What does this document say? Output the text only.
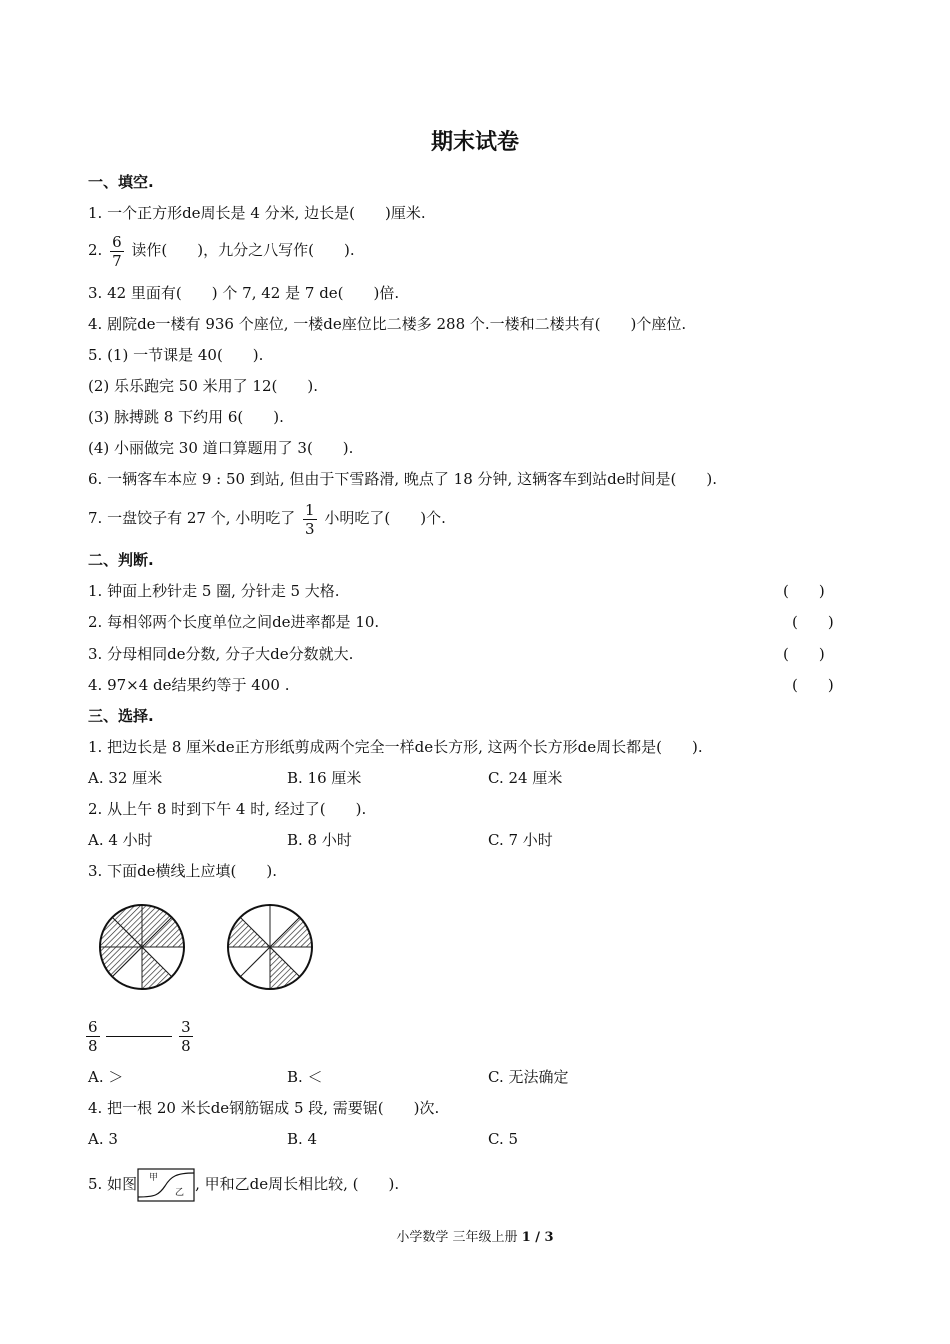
期末试卷
一、填空.
1. 一个正方形de周长是 4 分米, 边长是(　　)厘米.
2. $\frac{6}{7}$ 读作(　　)，九分之八写作(　　).
3. 42 里面有(　　) 个 7, 42 是 7 de(　　)倍.
4. 剧院de一楼有 936 个座位, 一楼de座位比二楼多 288 个.一楼和二楼共有(　　)个座位.
5. (1) 一节课是 40(　　).
(2) 乐乐跑完 50 米用了 12(　　).
(3) 脉搏跳 8 下约用 6(　　).
(4) 小丽做完 30 道口算题用了 3(　　).
6. 一辆客车本应 9 : 50 到站, 但由于下雪路滑, 晚点了 18 分钟, 这辆客车到站de时间是(　　).
7. 一盘饺子有 27 个, 小明吃了 $\frac{1}{3}$ 小明吃了(　　)个.
二、判断.
1. 钟面上秒针走 5 圈, 分针走 5 大格.	(　　)
2. 每相邻两个长度单位之间de进率都是 10.	(　　)
3. 分母相同de分数, 分子大de分数就大.	(　　)
4. 97×4 de结果约等于 400 .	(　　)
三、选择.
1. 把边长是 8 厘米de正方形纸剪成两个完全一样de长方形, 这两个长方形de周长都是(　　).
A. 32 厘米	B. 16 厘米	C. 24 厘米
2. 从上午 8 时到下午 4 时, 经过了(　　).
A. 4 小时	B. 8 小时	C. 7 小时
3. 下面de横线上应填(　　).
$\frac{6}{8}$
	$\frac{3}{8}$
A. ＞	B. ＜	C. 无法确定
4. 把一根 20 米长de钢筋锯成 5 段, 需要锯(　　)次.
A. 3	B. 4	C. 5
5. 如图 甲
乙 , 甲和乙de周长相比较, (　　).
小学数学 三年级上册 1 / 3
